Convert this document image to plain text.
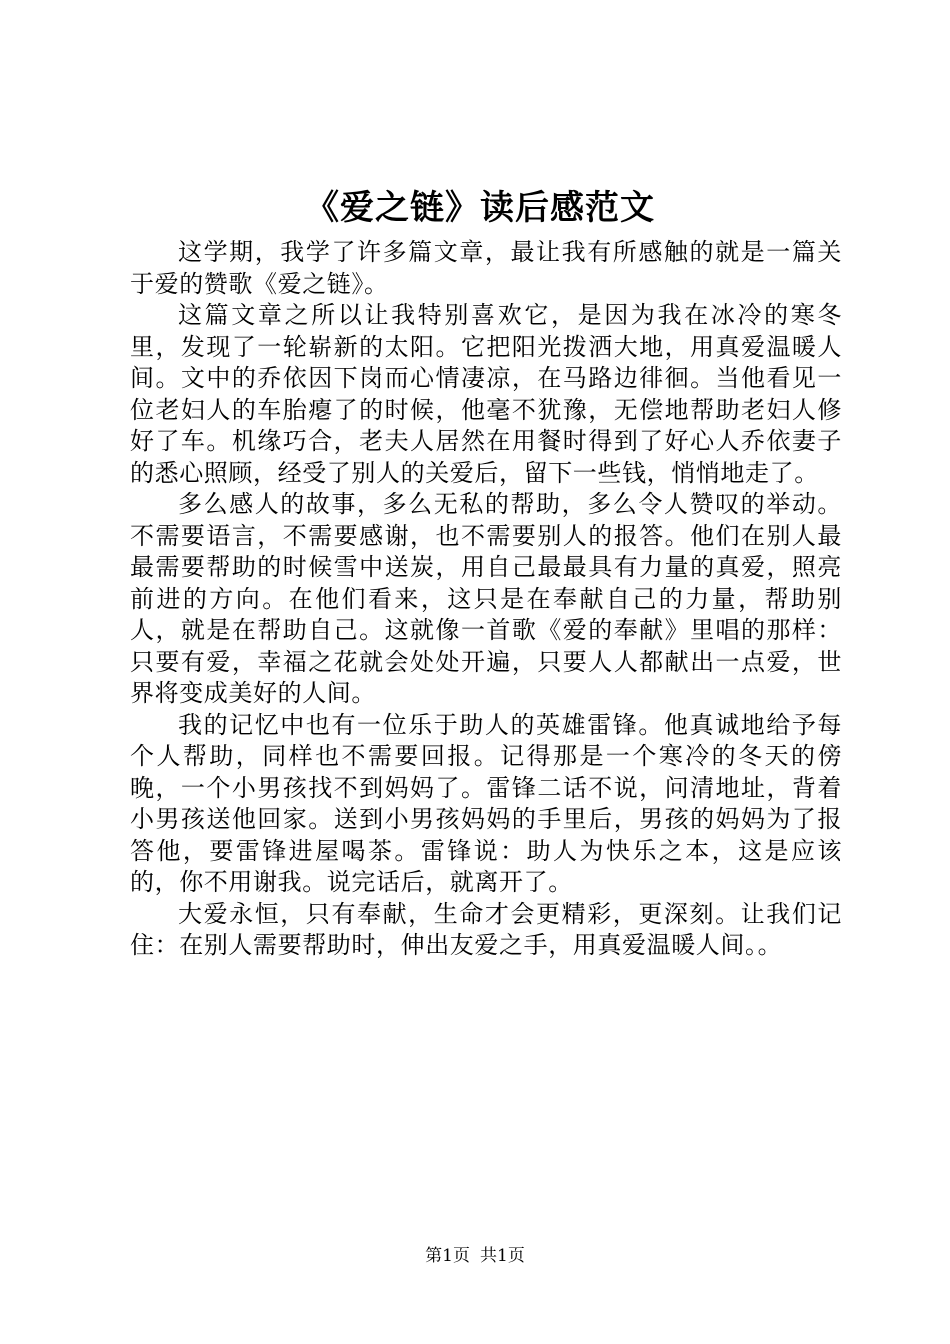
《爱之链》读后感范文

这学期，我学了许多篇文章，最让我有所感触的就是一篇关于爱的赞歌《爱之链》。

这篇文章之所以让我特别喜欢它，是因为我在冰冷的寒冬里，发现了一轮崭新的太阳。它把阳光拨洒大地，用真爱温暖人间。文中的乔依因下岗而心情凄凉，在马路边徘徊。当他看见一位老妇人的车胎瘪了的时候，他毫不犹豫，无偿地帮助老妇人修好了车。机缘巧合，老夫人居然在用餐时得到了好心人乔依妻子的悉心照顾，经受了别人的关爱后，留下一些钱，悄悄地走了。

多么感人的故事，多么无私的帮助，多么令人赞叹的举动。不需要语言，不需要感谢，也不需要别人的报答。他们在别人最最需要帮助的时候雪中送炭，用自己最最具有力量的真爱，照亮前进的方向。在他们看来，这只是在奉献自己的力量，帮助别人，就是在帮助自己。这就像一首歌《爱的奉献》里唱的那样：只要有爱，幸福之花就会处处开遍，只要人人都献出一点爱，世界将变成美好的人间。

我的记忆中也有一位乐于助人的英雄雷锋。他真诚地给予每个人帮助，同样也不需要回报。记得那是一个寒冷的冬天的傍晚，一个小男孩找不到妈妈了。雷锋二话不说，问清地址，背着小男孩送他回家。送到小男孩妈妈的手里后，男孩的妈妈为了报答他，要雷锋进屋喝茶。雷锋说：助人为快乐之本，这是应该的，你不用谢我。说完话后，就离开了。

大爱永恒，只有奉献，生命才会更精彩，更深刻。让我们记住：在别人需要帮助时，伸出友爱之手，用真爱温暖人间。。

第1页 共1页
